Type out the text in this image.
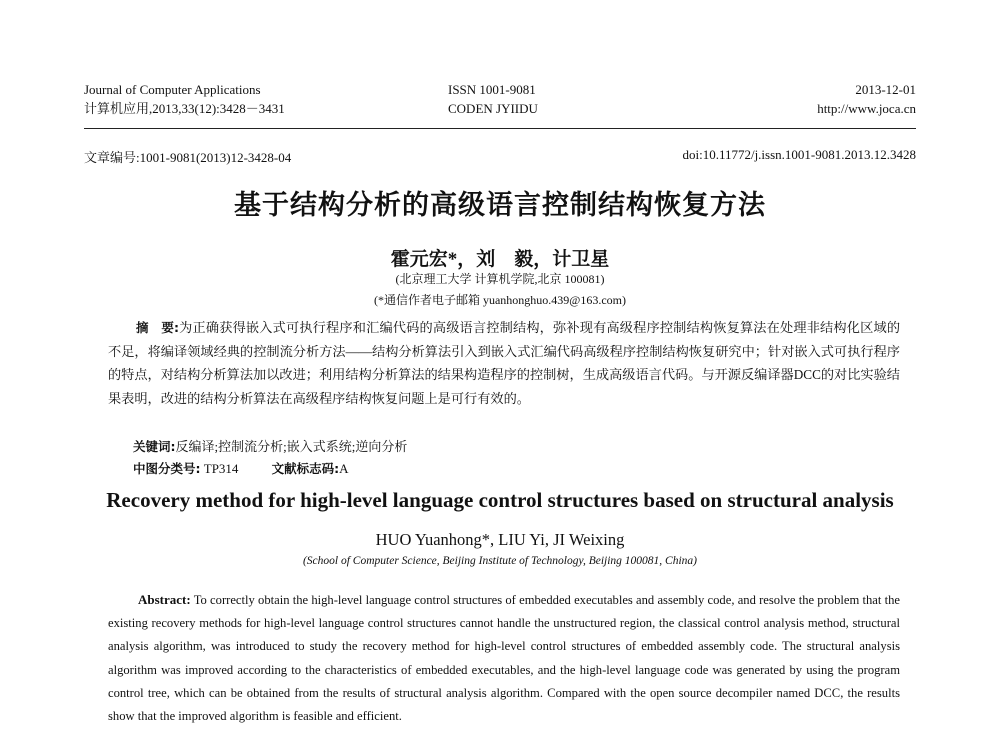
Journal of Computer Applications
计算机应用,2013,33(12):3428－3431
ISSN 1001-9081
CODEN JYIIDU
2013-12-01
http://www.joca.cn
文章编号:1001-9081(2013)12-3428-04	doi:10.11772/j.issn.1001-9081.2013.12.3428
基于结构分析的高级语言控制结构恢复方法
霍元宏*，刘　毅，计卫星
(北京理工大学 计算机学院,北京 100081)
(*通信作者电子邮箱 yuanhonghuo.439@163.com)
摘　要:为正确获得嵌入式可执行程序和汇编代码的高级语言控制结构，弥补现有高级程序控制结构恢复算法在处理非结构化区域的不足，将编译领域经典的控制流分析方法——结构分析算法引入到嵌入式汇编代码高级程序控制结构恢复研究中；针对嵌入式可执行程序的特点，对结构分析算法加以改进；利用结构分析算法的结果构造程序的控制树，生成高级语言代码。与开源反编译器DCC的对比实验结果表明，改进的结构分析算法在高级程序结构恢复问题上是可行有效的。
关键词:反编译;控制流分析;嵌入式系统;逆向分析
中图分类号: TP314	文献标志码:A
Recovery method for high-level language control structures based on structural analysis
HUO Yuanhong*, LIU Yi, JI Weixing
(School of Computer Science, Beijing Institute of Technology, Beijing 100081, China)
Abstract: To correctly obtain the high-level language control structures of embedded executables and assembly code, and resolve the problem that the existing recovery methods for high-level language control structures cannot handle the unstructured region, the classical control analysis method, structural analysis algorithm, was introduced to study the recovery method for high-level control structures of embedded assembly code. The structural analysis algorithm was improved according to the characteristics of embedded executables, and the high-level language code was generated by using the program control tree, which can be obtained from the results of structural analysis algorithm. Compared with the open source decompiler named DCC, the results show that the improved algorithm is feasible and efficient.
